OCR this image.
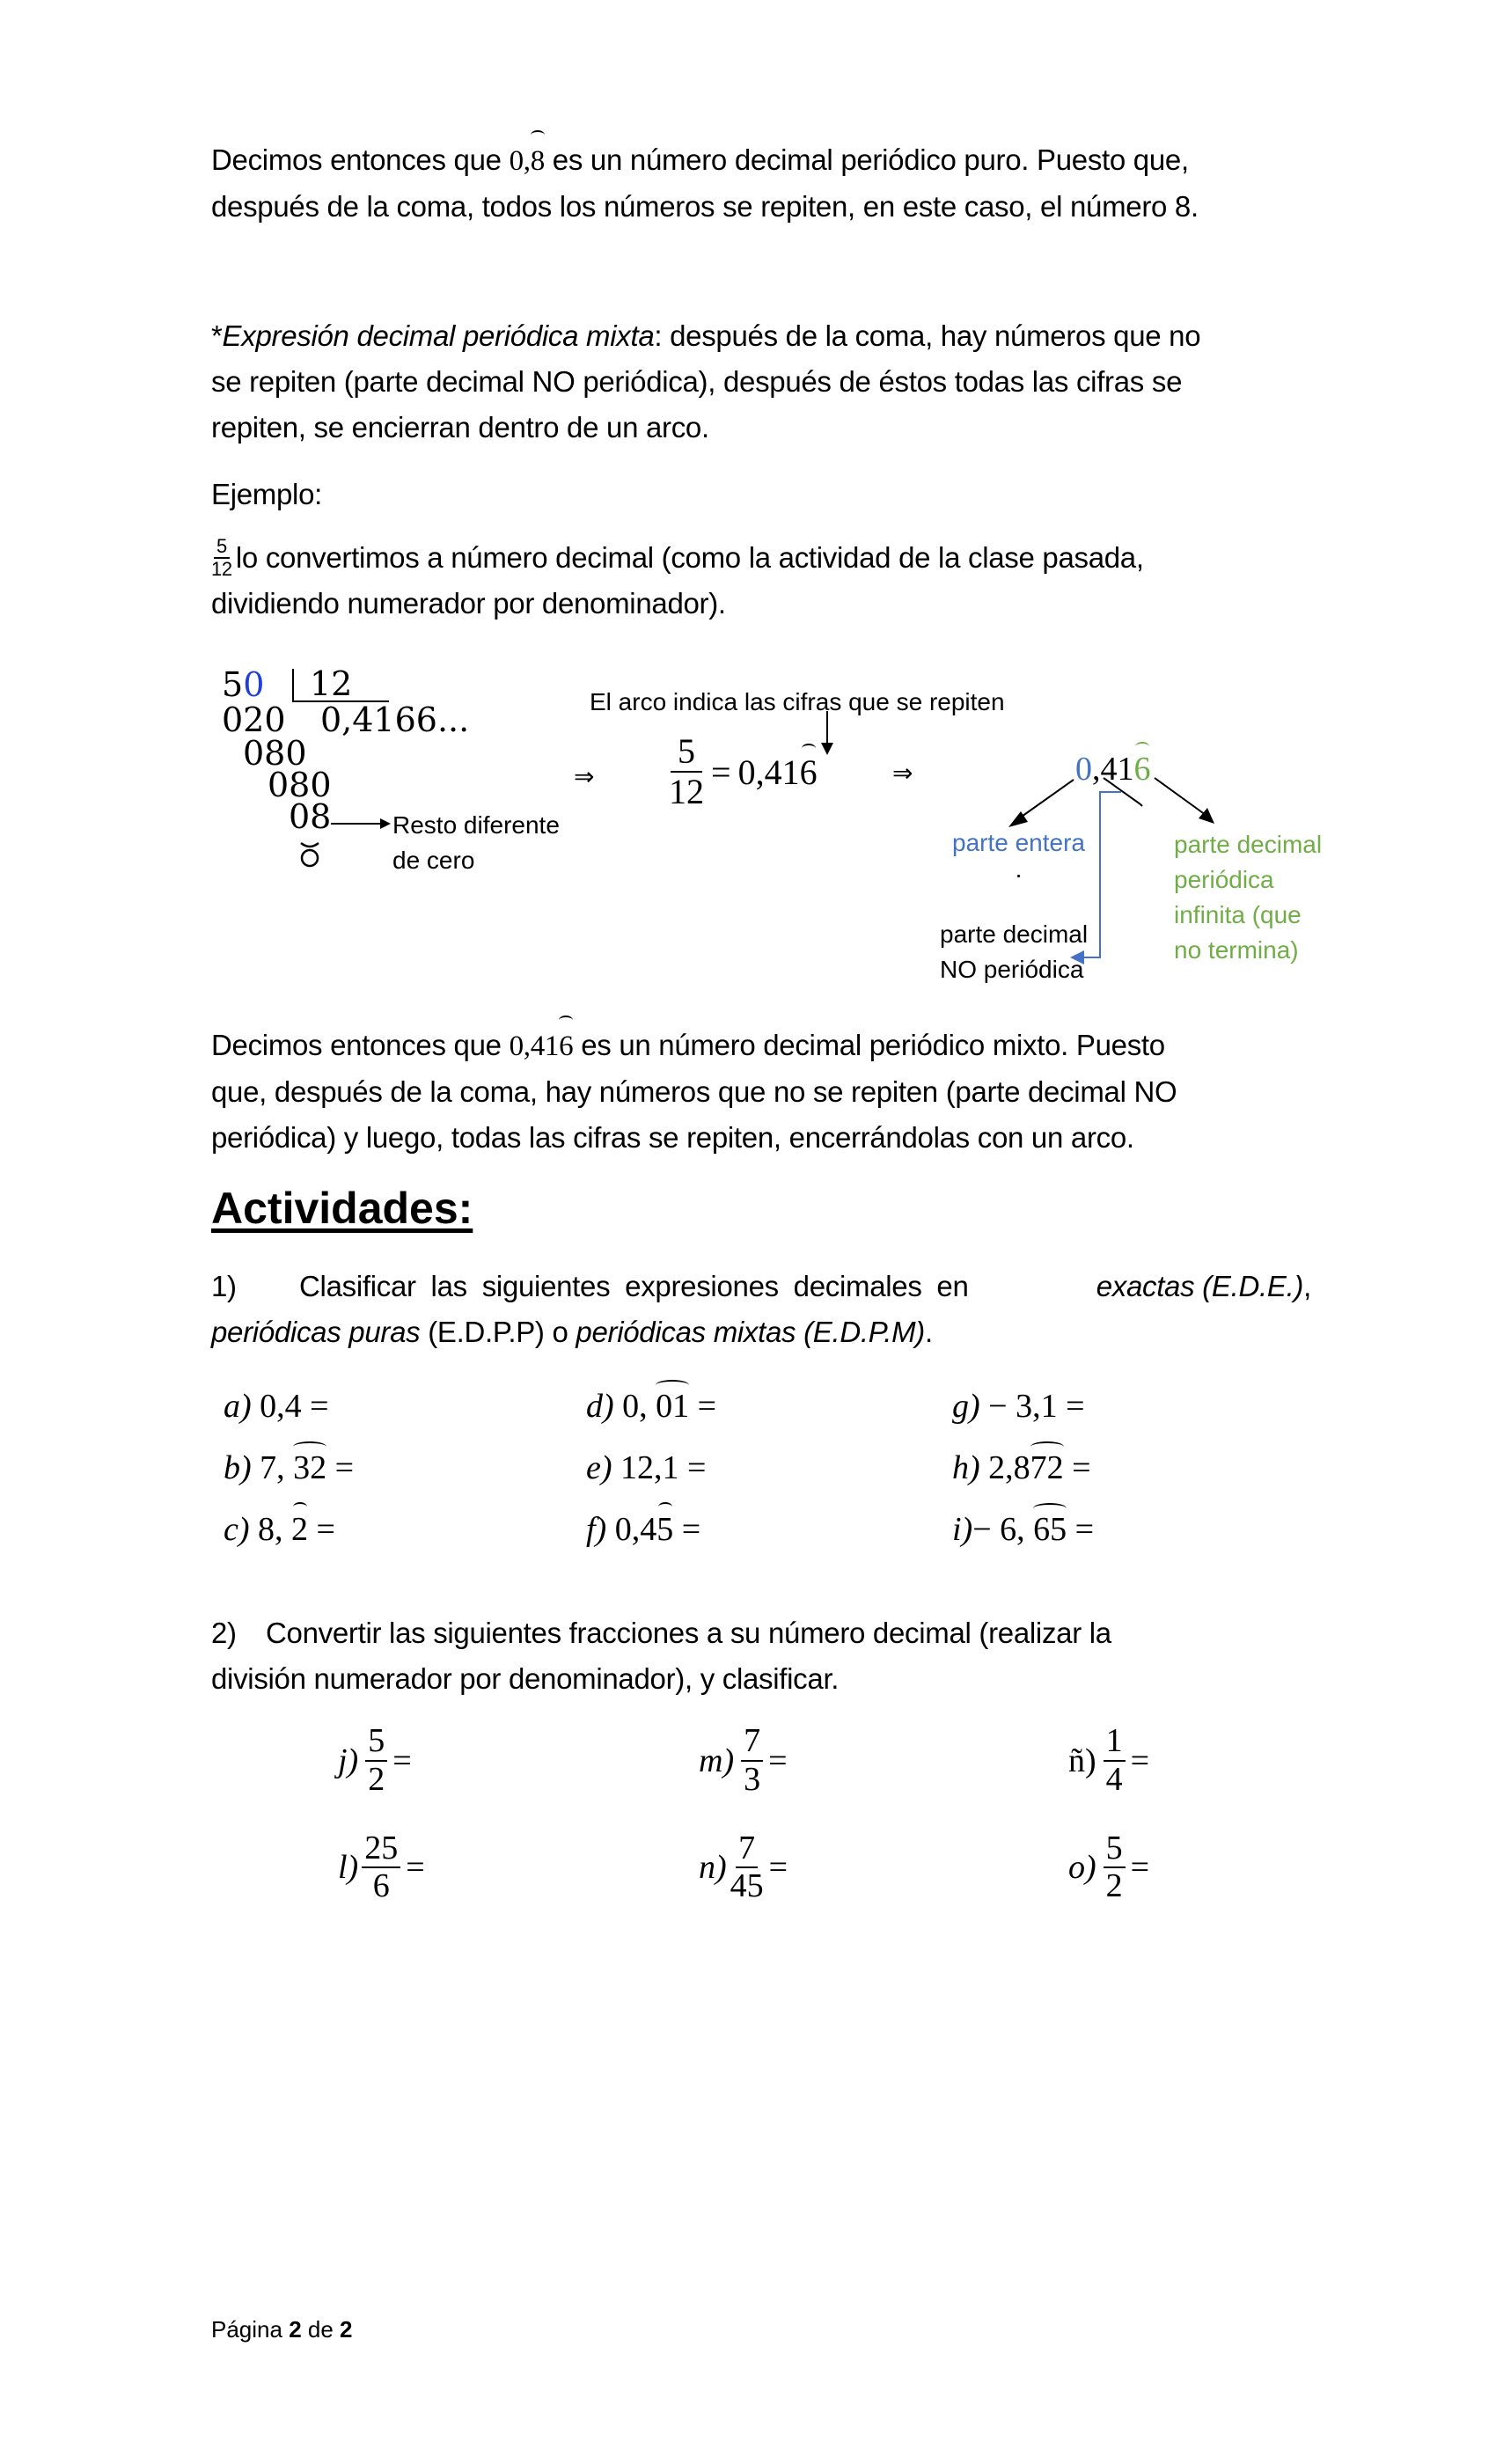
Decimos entonces que 0,8 es un número decimal periódico puro. Puesto que,
después de la coma, todos los números se repiten, en este caso, el número 8.
*Expresión decimal periódica mixta: después de la coma, hay números que no
se repiten (parte decimal NO periódica), después de éstos todas las cifras se
repiten, se encierran dentro de un arco.
Ejemplo:
$\frac{5}{12}$ lo convertimos a número decimal (como la actividad de la clase pasada,
dividiendo numerador por denominador).
50	12
020 0,4166...
080
080
08 Resto diferente
de cero
⇒	⇒
El arco indica las cifras que se repiten
$\frac{5}{12} = 0,41$ 6	0,416
parte entera
.
parte decimal
NO periódica
parte decimal
periódica
infinita (que
no termina)
Decimos entonces que 0,416 es un número decimal periódico mixto. Puesto
que, después de la coma, hay números que no se repiten (parte decimal NO
periódica) y luego, todas las cifras se repiten, encerrándolas con un arco.
Actividades:
1)	Clasificar las siguientes expresiones decimales en	exactas (E.D.E.),
periódicas puras (E.D.P.P) o periódicas mixtas (E.D.P.M).
a) 0,4 =	d) 0, 01 =	g) − 3,1 =
b) 7, 32 =	e) 12,1 =	h) 2,872 =
c) 8, 2 =	f) 0,45 =	i)− 6, 65 =
2) Convertir las siguientes fracciones a su número decimal (realizar la
división numerador por denominador), y clasificar.
$j) \frac{5}{2}$ =	$m) \frac{7}{3}$ =	ñ) $\frac{1}{4}$ =
$l) \frac{25}{6}$ =	$n) \frac{7}{45}$ =	$o) \frac{5}{2}$ =
Página 2 de 2
